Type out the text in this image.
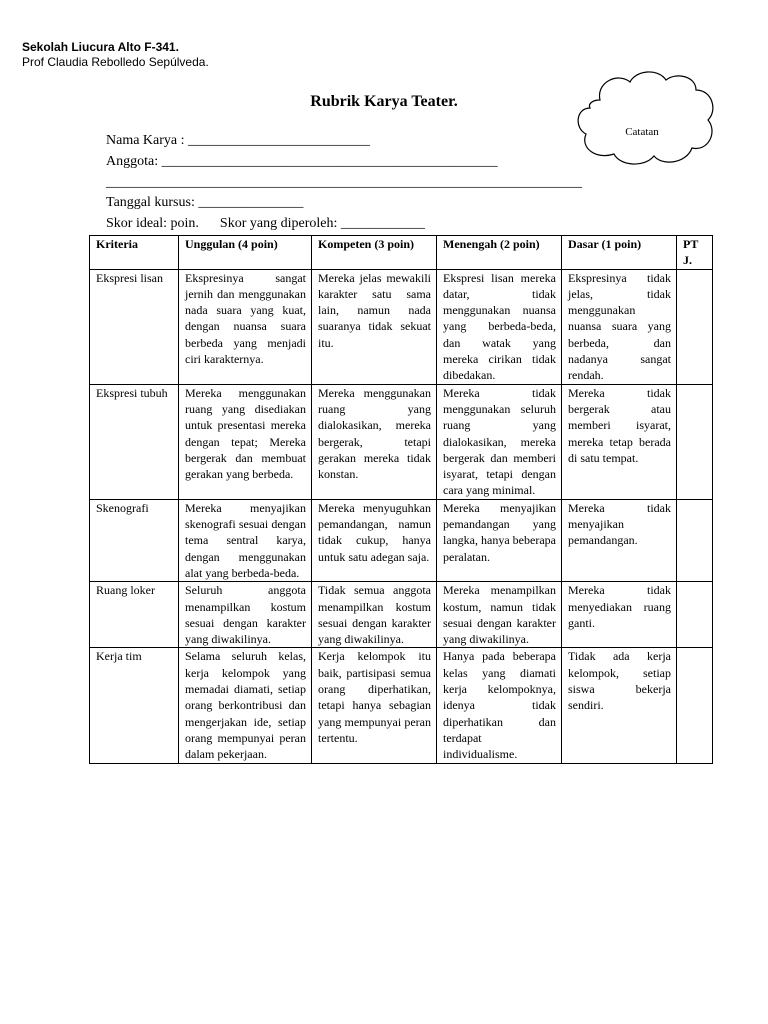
Sekolah Liucura Alto F-341.
Prof Claudia Rebolledo Sepúlveda.
Rubrik Karya Teater.
Catatan
Nama Karya : __________________________
Anggota: ________________________________________________
____________________________________________________________________
Tanggal kursus: _______________
Skor ideal: poin.      Skor yang diperoleh: ____________
Kriteria	Unggulan (4 poin)	Kompeten (3 poin)	Menengah (2 poin)	Dasar (1 poin)	PT J.
Ekspresi lisan	Ekspresinya sangat jernih dan menggunakan nada suara yang kuat, dengan nuansa suara berbeda yang menjadi ciri karakternya.	Mereka jelas mewakili karakter satu sama lain, namun nada suaranya tidak sekuat itu.	Ekspresi lisan mereka datar, tidak menggunakan nuansa yang berbeda-beda, dan watak yang mereka cirikan tidak dibedakan.	Ekspresinya tidak jelas, tidak menggunakan nuansa suara yang berbeda, dan nadanya sangat rendah.	
Ekspresi tubuh	Mereka menggunakan ruang yang disediakan untuk presentasi mereka dengan tepat; Mereka bergerak dan membuat gerakan yang berbeda.	Mereka menggunakan ruang yang dialokasikan, mereka bergerak, tetapi gerakan mereka tidak konstan.	Mereka tidak menggunakan seluruh ruang yang dialokasikan, mereka bergerak dan memberi isyarat, tetapi dengan cara yang minimal.	Mereka tidak bergerak atau memberi isyarat, mereka tetap berada di satu tempat.	
Skenografi	Mereka menyajikan skenografi sesuai dengan tema sentral karya, dengan menggunakan alat yang berbeda-beda.	Mereka menyuguhkan pemandangan, namun tidak cukup, hanya untuk satu adegan saja.	Mereka menyajikan pemandangan yang langka, hanya beberapa peralatan.	Mereka tidak menyajikan pemandangan.	
Ruang loker	Seluruh anggota menampilkan kostum sesuai dengan karakter yang diwakilinya.	Tidak semua anggota menampilkan kostum sesuai dengan karakter yang diwakilinya.	Mereka menampilkan kostum, namun tidak sesuai dengan karakter yang diwakilinya.	Mereka tidak menyediakan ruang ganti.	
Kerja tim	Selama seluruh kelas, kerja kelompok yang memadai diamati, setiap orang berkontribusi dan mengerjakan ide, setiap orang mempunyai peran dalam pekerjaan.	Kerja kelompok itu baik, partisipasi semua orang diperhatikan, tetapi hanya sebagian yang mempunyai peran tertentu.	Hanya pada beberapa kelas yang diamati kerja kelompoknya, idenya tidak diperhatikan dan terdapat individualisme.	Tidak ada kerja kelompok, setiap siswa bekerja sendiri.	
